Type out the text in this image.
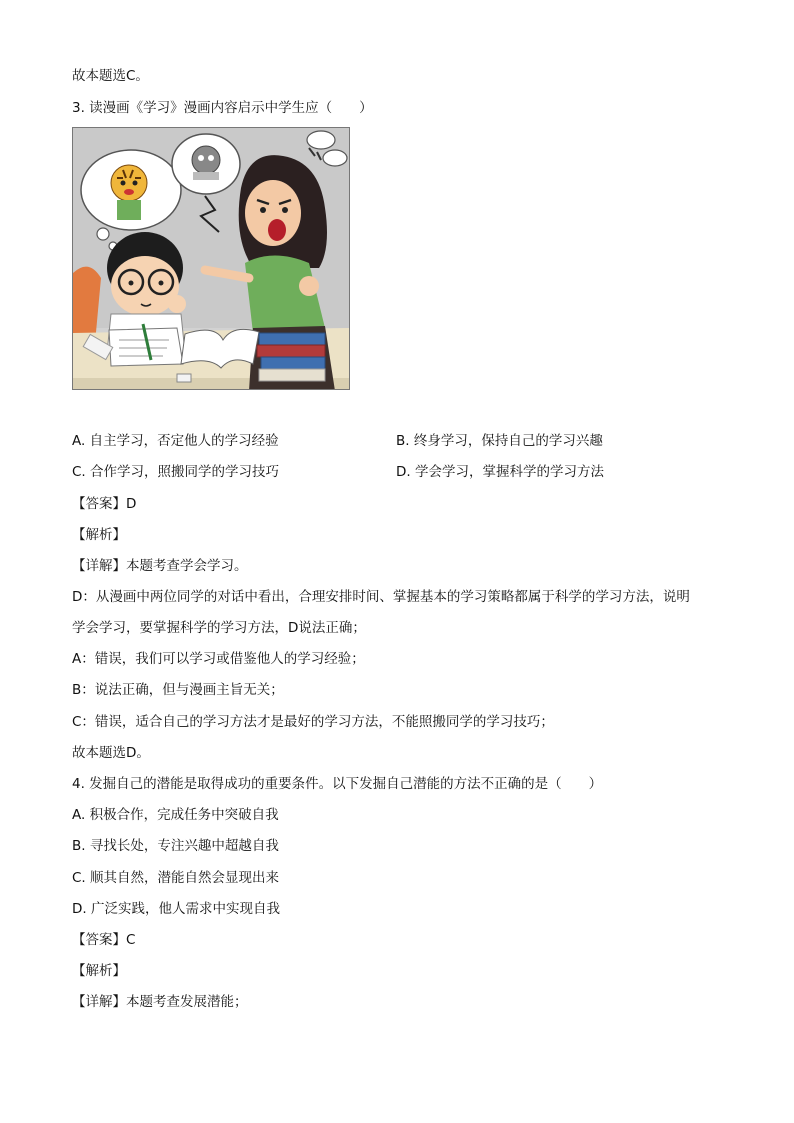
故本题选C。
3. 读漫画《学习》漫画内容启示中学生应（　　）
A. 自主学习，否定他人的学习经验	B. 终身学习，保持自己的学习兴趣
C. 合作学习，照搬同学的学习技巧	D. 学会学习，掌握科学的学习方法
【答案】D
【解析】
【详解】本题考查学会学习。
D：从漫画中两位同学的对话中看出，合理安排时间、掌握基本的学习策略都属于科学的学习方法，说明
学会学习，要掌握科学的学习方法，D说法正确；
A：错误，我们可以学习或借鉴他人的学习经验；
B：说法正确，但与漫画主旨无关；
C：错误，适合自己的学习方法才是最好的学习方法，不能照搬同学的学习技巧；
故本题选D。
4. 发掘自己的潜能是取得成功的重要条件。以下发掘自己潜能的方法不正确的是（　　）
A. 积极合作，完成任务中突破自我
B. 寻找长处，专注兴趣中超越自我
C. 顺其自然，潜能自然会显现出来
D. 广泛实践，他人需求中实现自我
【答案】C
【解析】
【详解】本题考查发展潜能；
